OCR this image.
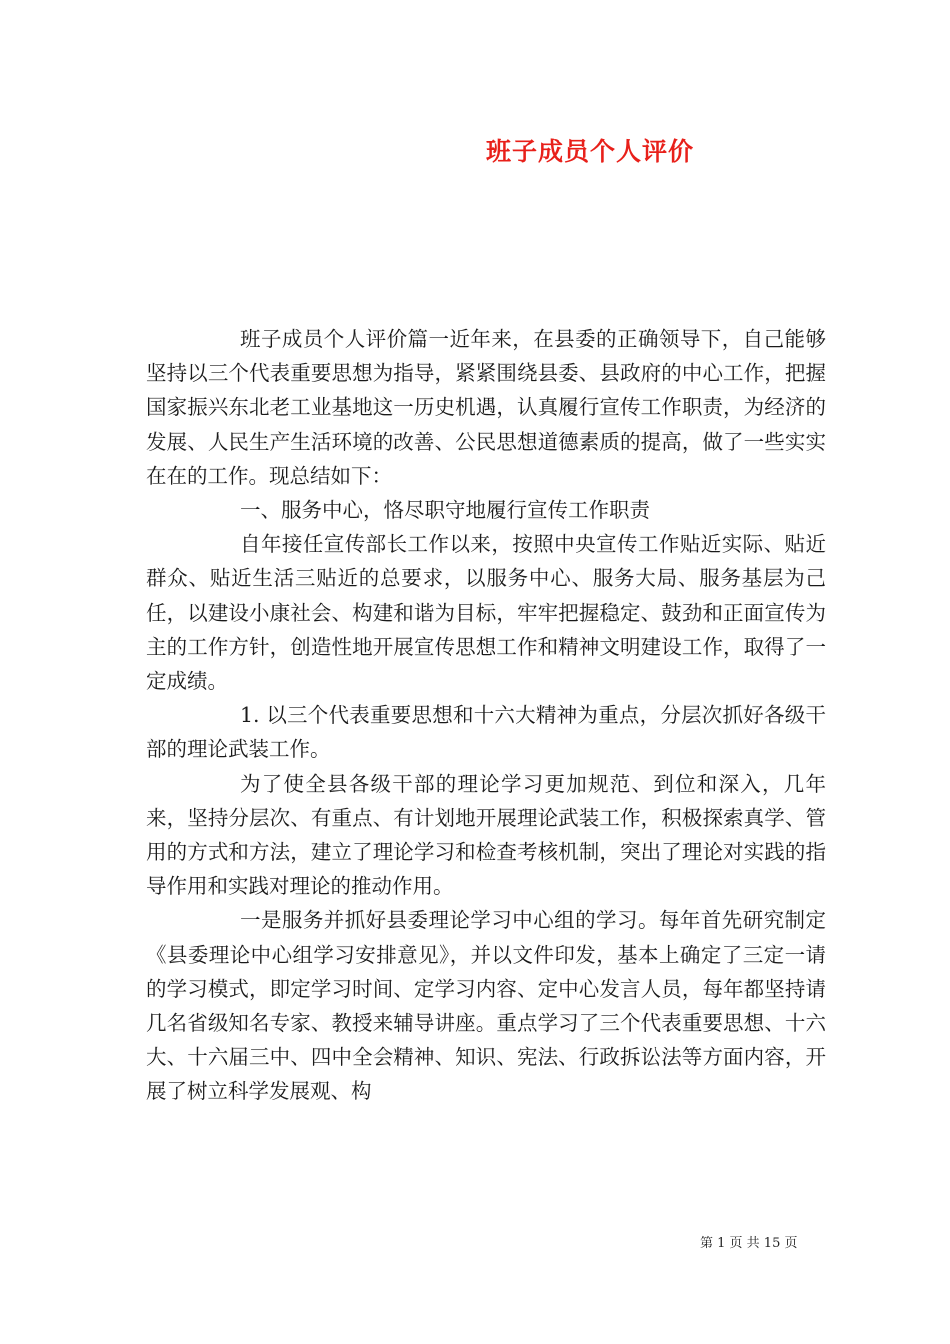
班子成员个人评价

班子成员个人评价篇一近年来，在县委的正确领导下，自己能够坚持以三个代表重要思想为指导，紧紧围绕县委、县政府的中心工作，把握国家振兴东北老工业基地这一历史机遇，认真履行宣传工作职责，为经济的发展、人民生产生活环境的改善、公民思想道德素质的提高，做了一些实实在在的工作。现总结如下：

一、服务中心，恪尽职守地履行宣传工作职责

自年接任宣传部长工作以来，按照中央宣传工作贴近实际、贴近群众、贴近生活三贴近的总要求，以服务中心、服务大局、服务基层为己任，以建设小康社会、构建和谐为目标，牢牢把握稳定、鼓劲和正面宣传为主的工作方针，创造性地开展宣传思想工作和精神文明建设工作，取得了一定成绩。

1. 以三个代表重要思想和十六大精神为重点，分层次抓好各级干部的理论武装工作。

为了使全县各级干部的理论学习更加规范、到位和深入，几年来，坚持分层次、有重点、有计划地开展理论武装工作，积极探索真学、管用的方式和方法，建立了理论学习和检查考核机制，突出了理论对实践的指导作用和实践对理论的推动作用。

一是服务并抓好县委理论学习中心组的学习。每年首先研究制定《县委理论中心组学习安排意见》，并以文件印发，基本上确定了三定一请的学习模式，即定学习时间、定学习内容、定中心发言人员，每年都坚持请几名省级知名专家、教授来辅导讲座。重点学习了三个代表重要思想、十六大、十六届三中、四中全会精神、知识、宪法、行政拆讼法等方面内容，开展了树立科学发展观、构

第 1 页 共 15 页
